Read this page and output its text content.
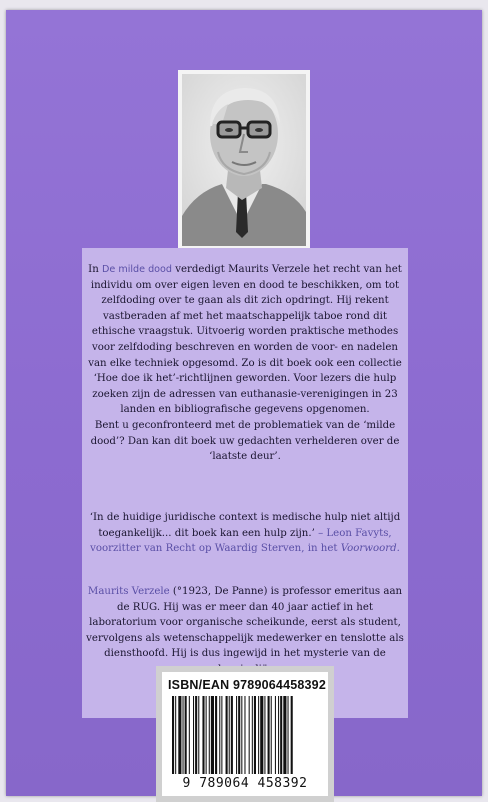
In De milde dood verdedigt Maurits Verzele het recht van het individu om over eigen leven en dood te beschikken, om tot zelfdoding over te gaan als dit zich opdringt. Hij rekent vastberaden af met het maatschappelijk taboe rond dit ethische vraagstuk. Uitvoerig worden praktische methodes voor zelfdoding beschreven en worden de voor- en nadelen van elke techniek opgesomd. Zo is dit boek ook een collectie ‘Hoe doe ik het’-richtlijnen geworden. Voor lezers die hulp zoeken zijn de adressen van euthanasie-verenigingen in 23 landen en bibliografische gegevens opgenomen.

Bent u geconfronteerd met de problematiek van de ‘milde dood’? Dan kan dit boek uw gedachten verhelderen over de ‘laatste deur’.

‘In de huidige juridische context is medische hulp niet altijd toegankelijk... dit boek kan een hulp zijn.’ – Leon Favyts, voorzitter van Recht op Waardig Sterven, in het Voorwoord.

Maurits Verzele (°1923, De Panne) is professor emeritus aan de RUG. Hij was er meer dan 40 jaar actief in het laboratorium voor organische scheikunde, eerst als student, vervolgens als wetenschappelijk medewerker en tenslotte als diensthoofd. Hij is dus ingewijd in het mysterie van de

ISBN/EAN 9789064458392
9 789064 458392
